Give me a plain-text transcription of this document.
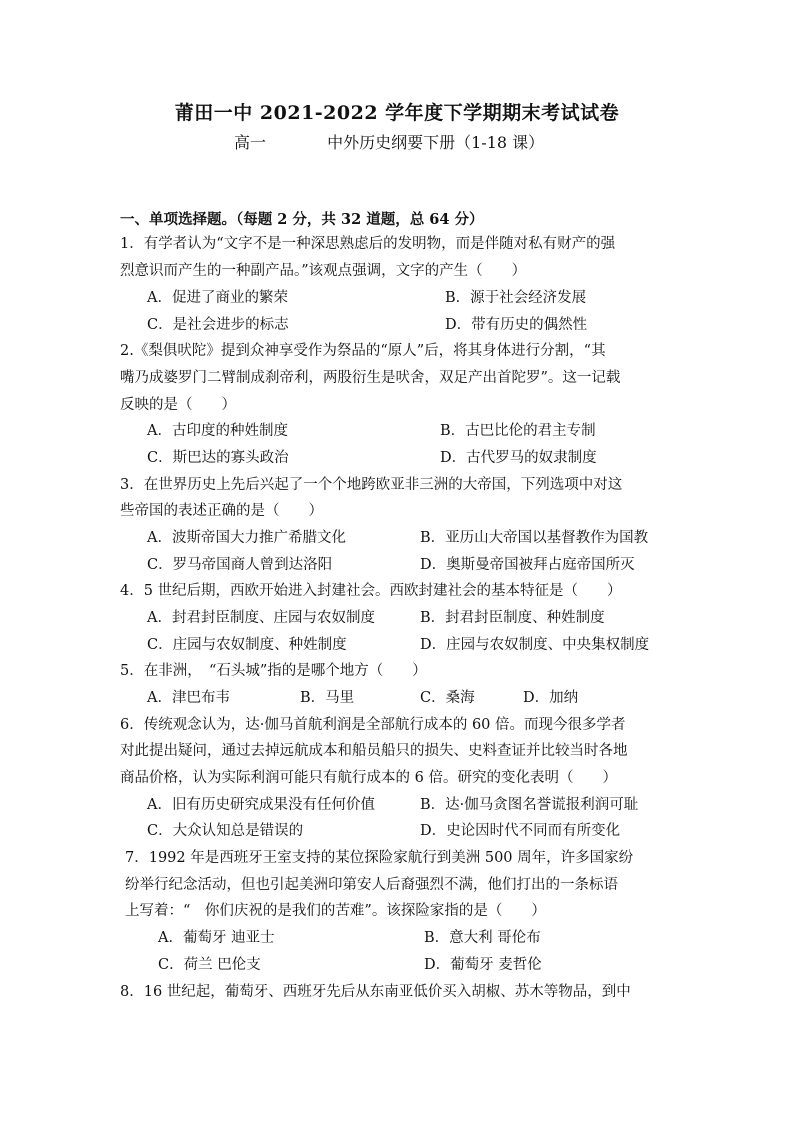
莆田一中 2021-2022 学年度下学期期末考试试卷
高一	中外历史纲要下册（1-18 课）
一、单项选择题。（每题 2 分，共 32 道题，总 64 分）
1．有学者认为“文字不是一种深思熟虑后的发明物，而是伴随对私有财产的强
烈意识而产生的一种副产品。”该观点强调，文字的产生（　　）
A．促进了商业的繁荣	B．源于社会经济发展
C．是社会进步的标志	D．带有历史的偶然性
2.《梨俱吠陀》提到众神享受作为祭品的“原人”后，将其身体进行分割，“其
嘴乃成婆罗门二臂制成刹帝利，两股衍生是吠舍，双足产出首陀罗”。这一记载
反映的是（　　）
A．古印度的种姓制度	B．古巴比伦的君主专制
C．斯巴达的寡头政治	D．古代罗马的奴隶制度
3．在世界历史上先后兴起了一个个地跨欧亚非三洲的大帝国，下列选项中对这
些帝国的表述正确的是（　　）
A．波斯帝国大力推广希腊文化	B．亚历山大帝国以基督教作为国教
C．罗马帝国商人曾到达洛阳	D．奥斯曼帝国被拜占庭帝国所灭
4．5 世纪后期，西欧开始进入封建社会。西欧封建社会的基本特征是（　　）
A．封君封臣制度、庄园与农奴制度	B．封君封臣制度、种姓制度
C．庄园与农奴制度、种姓制度	D．庄园与农奴制度、中央集权制度
5．在非洲，　“石头城”指的是哪个地方（　　）
A．津巴布韦	B．马里	C．桑海	D．加纳
6．传统观念认为，达·伽马首航利润是全部航行成本的 60 倍。而现今很多学者
对此提出疑问，通过去掉远航成本和船员船只的损失、史料查证并比较当时各地
商品价格，认为实际利润可能只有航行成本的 6 倍。研究的变化表明（　　）
A．旧有历史研究成果没有任何价值	B．达·伽马贪图名誉谎报利润可耻
C．大众认知总是错误的	D．史论因时代不同而有所变化
7．1992 年是西班牙王室支持的某位探险家航行到美洲 500 周年，许多国家纷
纷举行纪念活动，但也引起美洲印第安人后裔强烈不满，他们打出的一条标语
上写着：“　你们庆祝的是我们的苦难”。该探险家指的是（　　）
A．葡萄牙 迪亚士	B．意大利 哥伦布
C．荷兰 巴伦支	D．葡萄牙 麦哲伦
8．16 世纪起，葡萄牙、西班牙先后从东南亚低价买入胡椒、苏木等物品，到中
